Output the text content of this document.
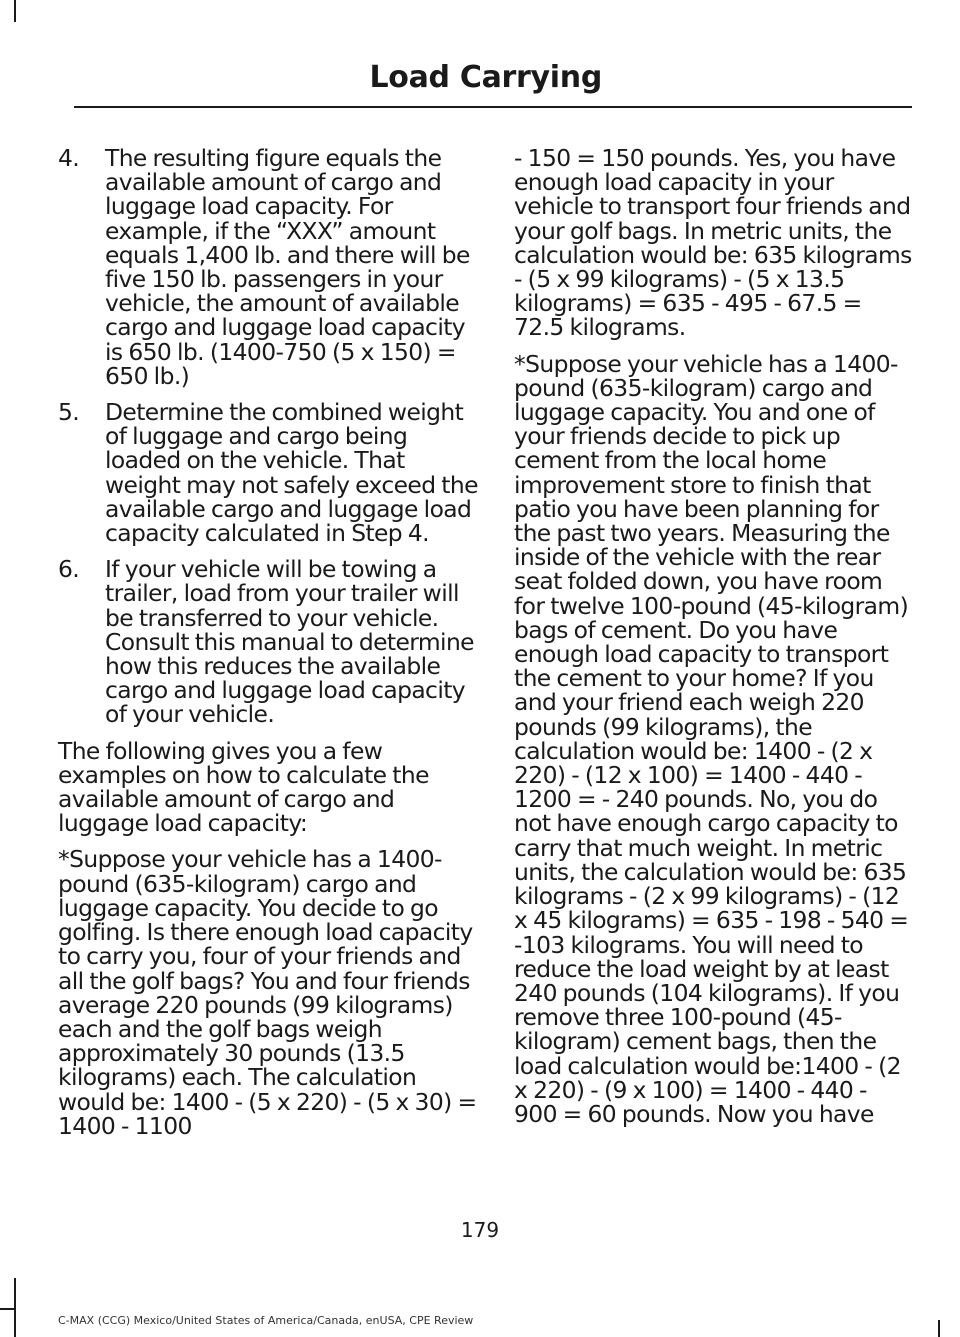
Load Carrying
4. The resulting figure equals the available amount of cargo and luggage load capacity. For example, if the “XXX” amount equals 1,400 lb. and there will be five 150 lb. passengers in your vehicle, the amount of available cargo and luggage load capacity is 650 lb. (1400-750 (5 x 150) = 650 lb.)
5. Determine the combined weight of luggage and cargo being loaded on the vehicle. That weight may not safely exceed the available cargo and luggage load capacity calculated in Step 4.
6. If your vehicle will be towing a trailer, load from your trailer will be transferred to your vehicle. Consult this manual to determine how this reduces the available cargo and luggage load capacity of your vehicle.

The following gives you a few examples on how to calculate the available amount of cargo and luggage load capacity:

*Suppose your vehicle has a 1400-pound (635-kilogram) cargo and luggage capacity. You decide to go golfing. Is there enough load capacity to carry you, four of your friends and all the golf bags? You and four friends average 220 pounds (99 kilograms) each and the golf bags weigh approximately 30 pounds (13.5 kilograms) each. The calculation would be: 1400 - (5 x 220) - (5 x 30) = 1400 - 1100

- 150 = 150 pounds. Yes, you have enough load capacity in your vehicle to transport four friends and your golf bags. In metric units, the calculation would be: 635 kilograms - (5 x 99 kilograms) - (5 x 13.5 kilograms) = 635 - 495 - 67.5 = 72.5 kilograms.

*Suppose your vehicle has a 1400-pound (635-kilogram) cargo and luggage capacity. You and one of your friends decide to pick up cement from the local home improvement store to finish that patio you have been planning for the past two years. Measuring the inside of the vehicle with the rear seat folded down, you have room for twelve 100-pound (45-kilogram) bags of cement. Do you have enough load capacity to transport the cement to your home? If you and your friend each weigh 220 pounds (99 kilograms), the calculation would be: 1400 - (2 x 220) - (12 x 100) = 1400 - 440 - 1200 = - 240 pounds. No, you do not have enough cargo capacity to carry that much weight. In metric units, the calculation would be: 635 kilograms - (2 x 99 kilograms) - (12 x 45 kilograms) = 635 - 198 - 540 = -103 kilograms. You will need to reduce the load weight by at least 240 pounds (104 kilograms). If you remove three 100-pound (45-kilogram) cement bags, then the load calculation would be:1400 - (2 x 220) - (9 x 100) = 1400 - 440 - 900 = 60 pounds. Now you have

179
C-MAX (CCG) Mexico/United States of America/Canada, enUSA, CPE Review
